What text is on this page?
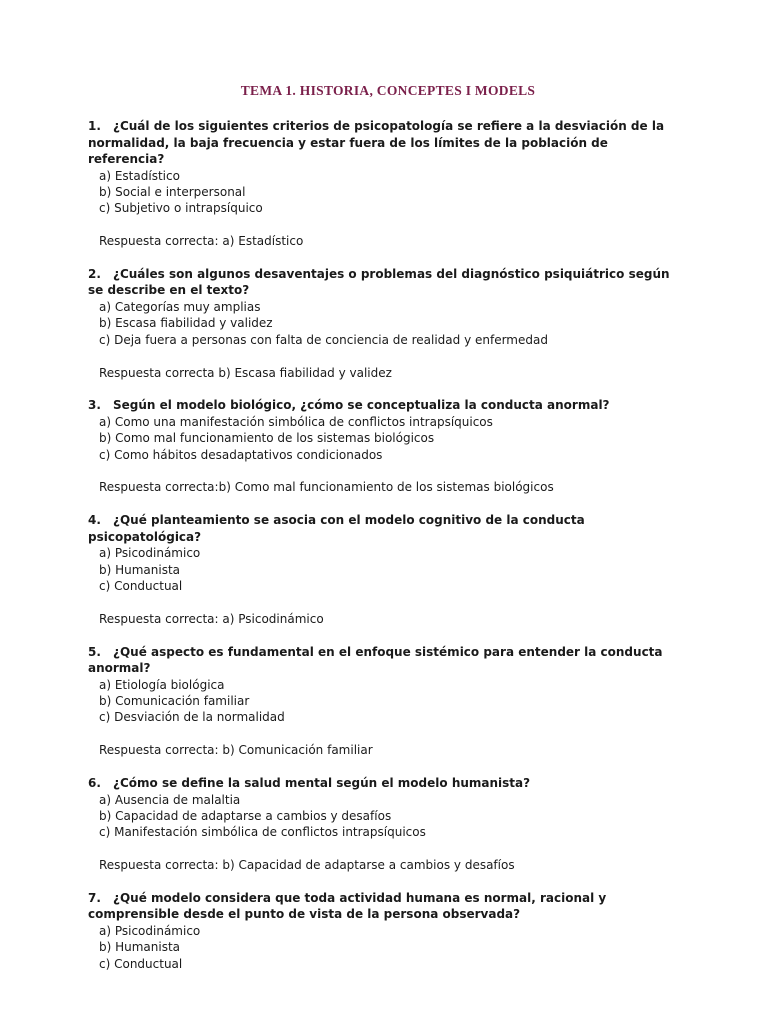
TEMA 1. HISTORIA, CONCEPTES I MODELS

1. ¿Cuál de los siguientes criterios de psicopatología se refiere a la desviación de la normalidad, la baja frecuencia y estar fuera de los límites de la población de referencia?

a) Estadístico
b) Social e interpersonal
c) Subjetivo o intrapsíquico

Respuesta correcta: a) Estadístico

2. ¿Cuáles son algunos desaventajes o problemas del diagnóstico psiquiátrico según se describe en el texto?

a) Categorías muy amplias
b) Escasa fiabilidad y validez
c) Deja fuera a personas con falta de conciencia de realidad y enfermedad

Respuesta correcta b) Escasa fiabilidad y validez

3. Según el modelo biológico, ¿cómo se conceptualiza la conducta anormal?

a) Como una manifestación simbólica de conflictos intrapsíquicos
b) Como mal funcionamiento de los sistemas biológicos
c) Como hábitos desadaptativos condicionados

Respuesta correcta:b) Como mal funcionamiento de los sistemas biológicos

4. ¿Qué planteamiento se asocia con el modelo cognitivo de la conducta psicopatológica?

a) Psicodinámico
b) Humanista
c) Conductual

Respuesta correcta: a) Psicodinámico

5. ¿Qué aspecto es fundamental en el enfoque sistémico para entender la conducta anormal?

a) Etiología biológica
b) Comunicación familiar
c) Desviación de la normalidad

Respuesta correcta: b) Comunicación familiar

6. ¿Cómo se define la salud mental según el modelo humanista?

a) Ausencia de malaltia
b) Capacidad de adaptarse a cambios y desafíos
c) Manifestación simbólica de conflictos intrapsíquicos

Respuesta correcta: b) Capacidad de adaptarse a cambios y desafíos

7. ¿Qué modelo considera que toda actividad humana es normal, racional y comprensible desde el punto de vista de la persona observada?

a) Psicodinámico
b) Humanista
c) Conductual
